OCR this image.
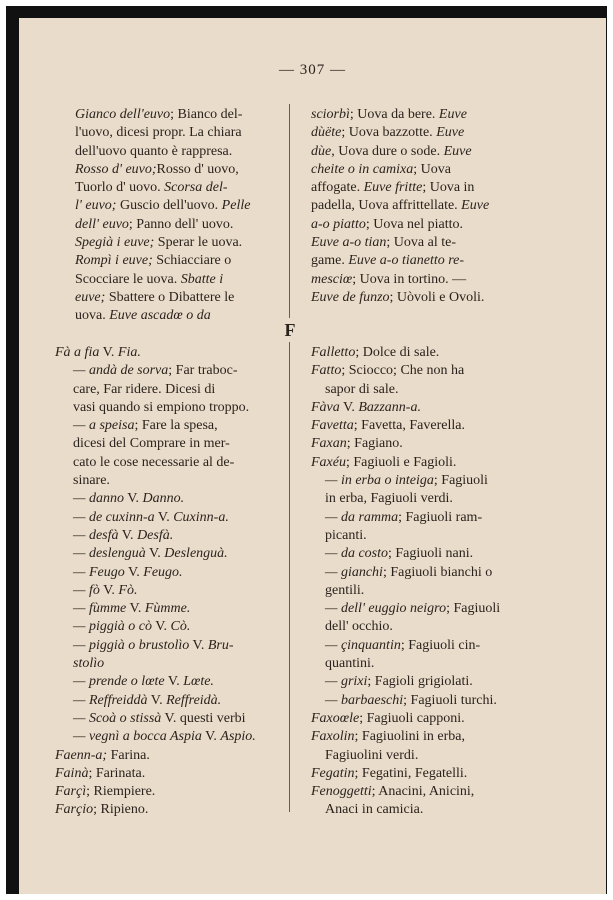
— 307 —
F

Gianco dell'euvo; Bianco del-

l'uovo, dicesi propr. La chiara

dell'uovo quanto è rappresa.

Rosso d' euvo;Rosso d' uovo,

Tuorlo d' uovo. Scorsa del-

l' euvo; Guscio dell'uovo. Pelle

dell' euvo; Panno dell' uovo.

Spegià i euve; Sperar le uova.

Rompì i euve; Schiacciare o

Scocciare le uova. Sbatte i

euve; Sbattere o Dibattere le

uova. Euve ascadœ o da

sciorbì; Uova da bere. Euve

dùëte; Uova bazzotte. Euve

dùe, Uova dure o sode. Euve

cheite o in camixa; Uova

affogate. Euve fritte; Uova in

padella, Uova affrittellate. Euve

a-o piatto; Uova nel piatto.

Euve a-o tian; Uova al te-

game. Euve a-o tianetto re-

mesciœ; Uova in tortino. —

Euve de funzo; Uòvoli e Ovoli.

Fà a fia V. Fia.

— andà de sorva; Far trabоc-

care, Far ridere. Dicesi di

vasi quando si empiono troppo.

— a speisa; Fare la spesa,

dicesi del Comprare in mer-

cato le cose necessarie al de-

sinare.

— danno V. Danno.

— de cuxinn-a V. Cuxinn-a.

— desfà V. Desfà.

— deslenguà V. Deslenguà.

— Feugo V. Feugo.

— fò V. Fò.

— fùmme V. Fùmme.

— piggià o cò V. Cò.

— piggià o brustolìo V. Bru-

stolìo

— prende o lœte V. Lœte.

— Reffreiddà V. Reffreidà.

— Scoà o stissà V. questi verbi

— vegnì a bocca Aspia V. Aspio.

Faenn-a; Farina.

Fainà; Farinata.

Farçì; Riempiere.

Farçio; Ripieno.

Falletto; Dolce di sale.

Fatto; Sciocco; Che non ha

sapor di sale.

Fàva V. Bazzann-a.

Favetta; Favetta, Faverella.

Faxan; Fagiano.

Faxéu; Fagiuoli e Fagioli.

— in erba o inteiga; Fagiuoli

in erba, Fagiuoli verdi.

— da ramma; Fagiuoli ram-

picanti.

— da costo; Fagiuoli nani.

— gianchi; Fagiuoli bianchi o

gentili.

— dell' euggio neigro; Fagiuoli

dell' occhio.

— çinquantin; Fagiuoli cin-

quantini.

— grixi; Fagioli grigiolati.

— barbaeschi; Fagiuoli turchi.

Faxoœle; Fagiuoli capponi.

Faxolin; Fagiuolini in erba,

Fagiuolini verdi.

Fegatin; Fegatini, Fegatelli.

Fenoggetti; Anacini, Anicini,

Anaci in camicia.
